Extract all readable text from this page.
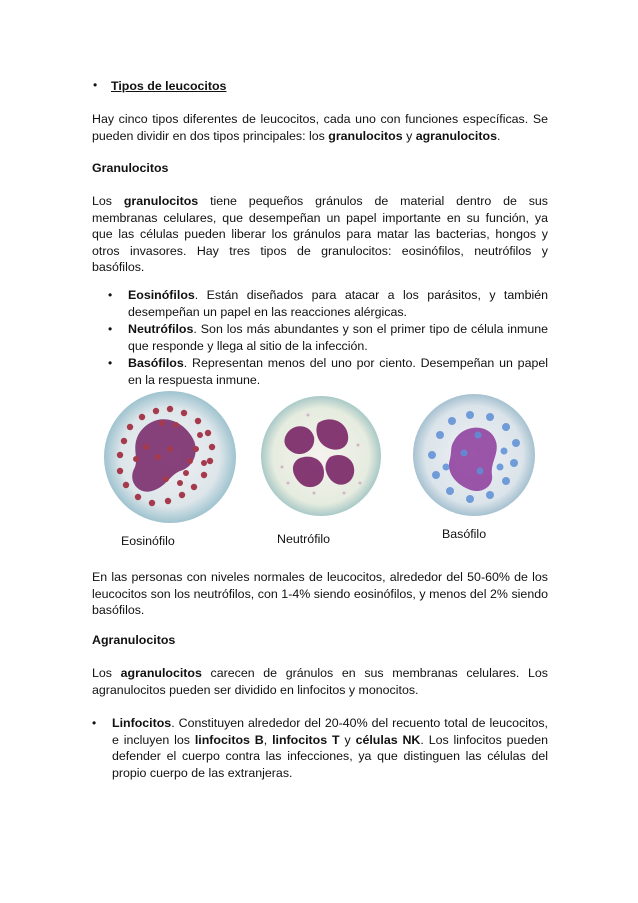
• Tipos de leucocitos

Hay cinco tipos diferentes de leucocitos, cada uno con funciones específicas. Se pueden dividir en dos tipos principales: los granulocitos y agranulocitos.

Granulocitos

Los granulocitos tiene pequeños gránulos de material dentro de sus membranas celulares, que desempeñan un papel importante en su función, ya que las células pueden liberar los gránulos para matar las bacterias, hongos y otros invasores. Hay tres tipos de granulocitos: eosinófilos, neutrófilos y basófilos.

• Eosinófilos. Están diseñados para atacar a los parásitos, y también desempeñan un papel en las reacciones alérgicas.
• Neutrófilos. Son los más abundantes y son el primer tipo de célula inmune que responde y llega al sitio de la infección.
• Basófilos. Representan menos del uno por ciento. Desempeñan un papel en la respuesta inmune.
Eosinófilo	Neutrófilo	Basófilo

En las personas con niveles normales de leucocitos, alrededor del 50-60% de los leucocitos son los neutrófilos, con 1-4% siendo eosinófilos, y menos del 2% siendo basófilos.

Agranulocitos

Los agranulocitos carecen de gránulos en sus membranas celulares. Los agranulocitos pueden ser dividido en linfocitos y monocitos.

• Linfocitos. Constituyen alrededor del 20-40% del recuento total de leucocitos, e incluyen los linfocitos B, linfocitos T y células NK. Los linfocitos pueden defender el cuerpo contra las infecciones, ya que distinguen las células del propio cuerpo de las extranjeras.
